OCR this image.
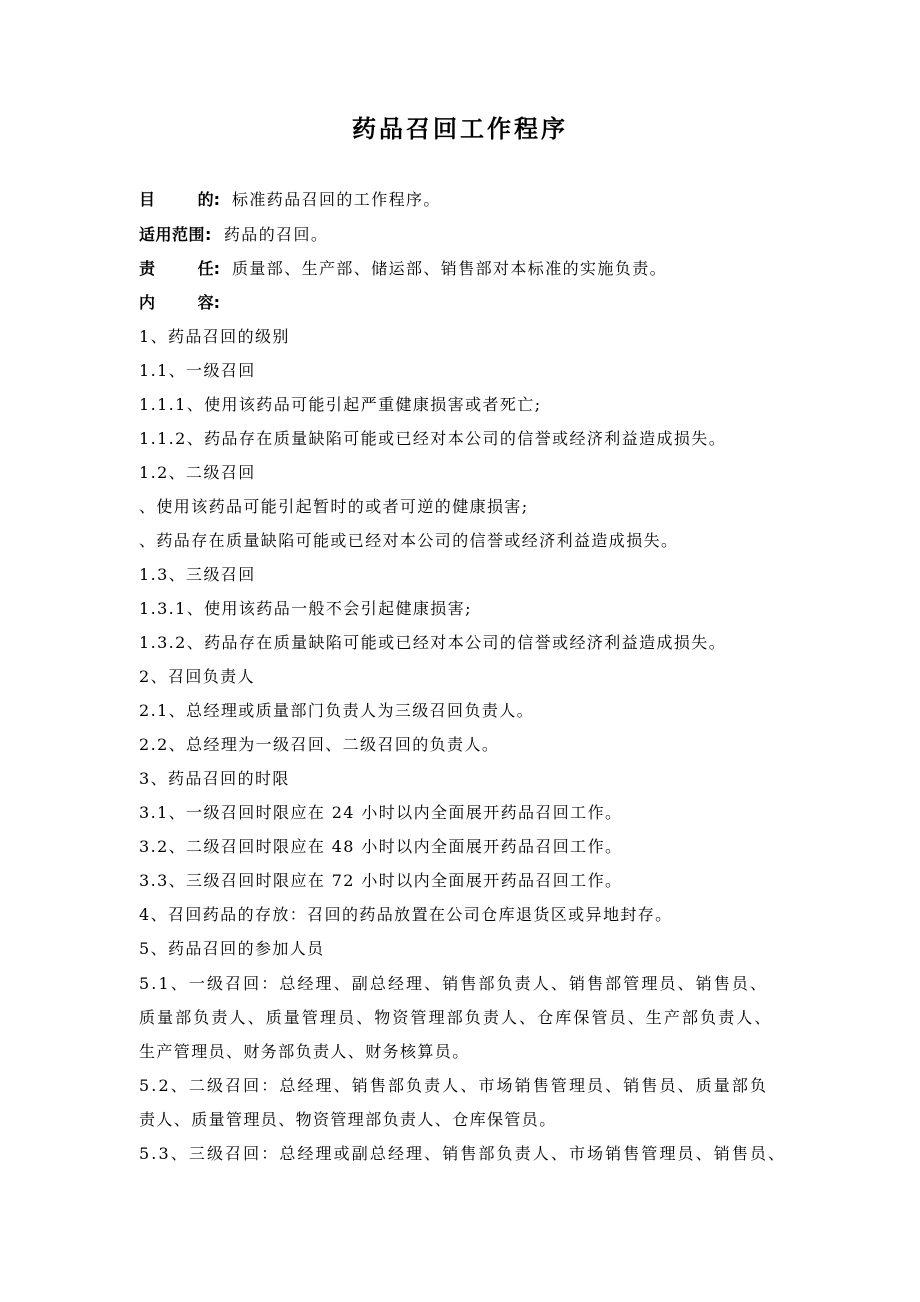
药品召回工作程序
目	的: 标准药品召回的工作程序。
适用范围: 药品的召回。
责	任: 质量部、生产部、储运部、销售部对本标准的实施负责。
内	容:
1、药品召回的级别
1.1、一级召回
1.1.1、使用该药品可能引起严重健康损害或者死亡;
1.1.2、药品存在质量缺陷可能或已经对本公司的信誉或经济利益造成损失。
1.2、二级召回
、使用该药品可能引起暂时的或者可逆的健康损害;
、药品存在质量缺陷可能或已经对本公司的信誉或经济利益造成损失。
1.3、三级召回
1.3.1、使用该药品一般不会引起健康损害;
1.3.2、药品存在质量缺陷可能或已经对本公司的信誉或经济利益造成损失。
2、召回负责人
2.1、总经理或质量部门负责人为三级召回负责人。
2.2、总经理为一级召回、二级召回的负责人。
3、药品召回的时限
3.1、一级召回时限应在 24 小时以内全面展开药品召回工作。
3.2、二级召回时限应在 48 小时以内全面展开药品召回工作。
3.3、三级召回时限应在 72 小时以内全面展开药品召回工作。
4、召回药品的存放：召回的药品放置在公司仓库退货区或异地封存。
5、药品召回的参加人员
5.1、一级召回：总经理、副总经理、销售部负责人、销售部管理员、销售员、
质量部负责人、质量管理员、物资管理部负责人、仓库保管员、生产部负责人、
生产管理员、财务部负责人、财务核算员。
5.2、二级召回：总经理、销售部负责人、市场销售管理员、销售员、质量部负
责人、质量管理员、物资管理部负责人、仓库保管员。
5.3、三级召回：总经理或副总经理、销售部负责人、市场销售管理员、销售员、
